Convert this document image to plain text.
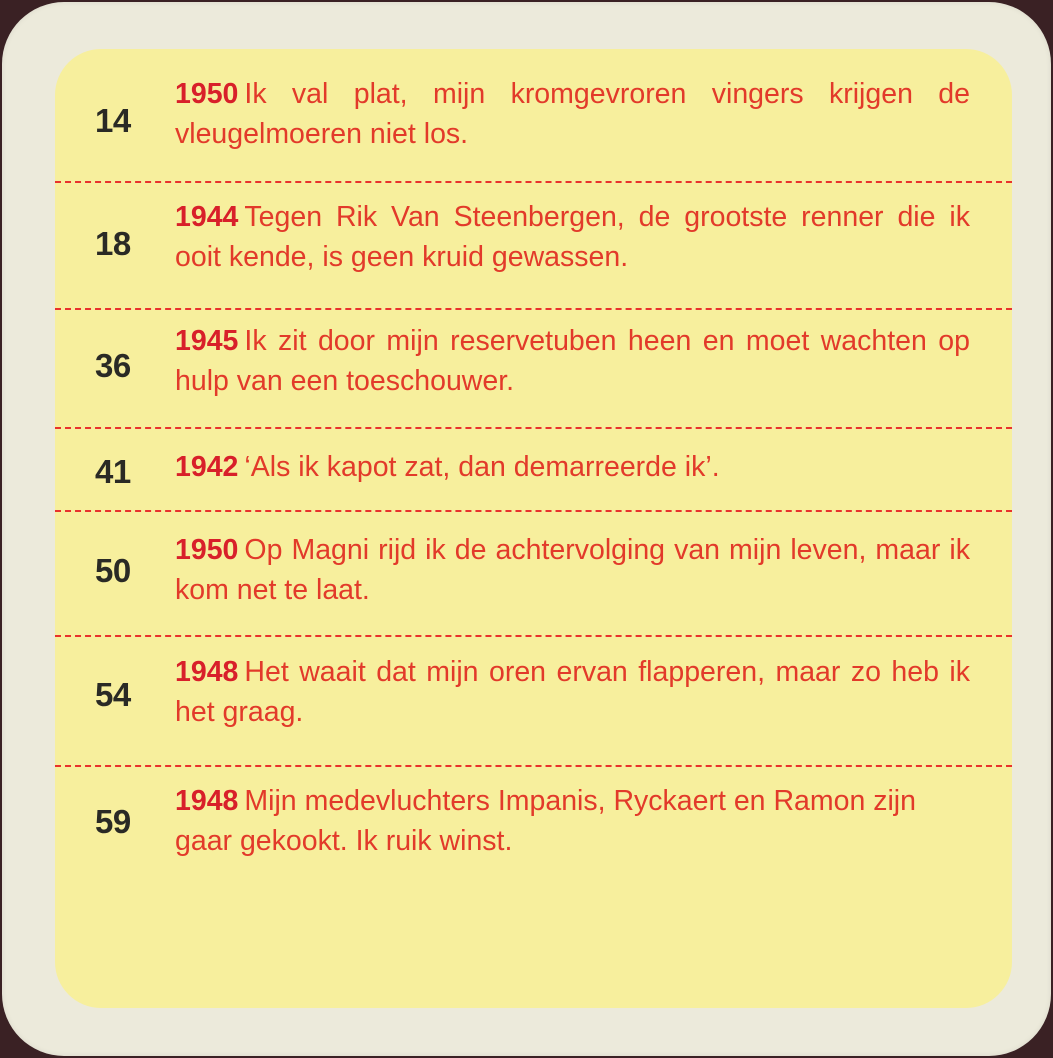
14
1950 Ik val plat, mijn kromgevroren vingers krijgen de vleugelmoeren niet los.
18
1944 Tegen Rik Van Steenbergen, de grootste renner die ik ooit kende, is geen kruid gewassen.
36
1945 Ik zit door mijn reservetuben heen en moet wachten op hulp van een toeschouwer.
41 1942 ‘Als ik kapot zat, dan demarreerde ik’.
50
1950 Op Magni rijd ik de achtervolging van mijn leven, maar ik kom net te laat.
54
1948 Het waait dat mijn oren ervan flapperen, maar zo heb ik het graag.
59
1948 Mijn medevluchters Impanis, Ryckaert en Ramon zijn gaar gekookt. Ik ruik winst.
